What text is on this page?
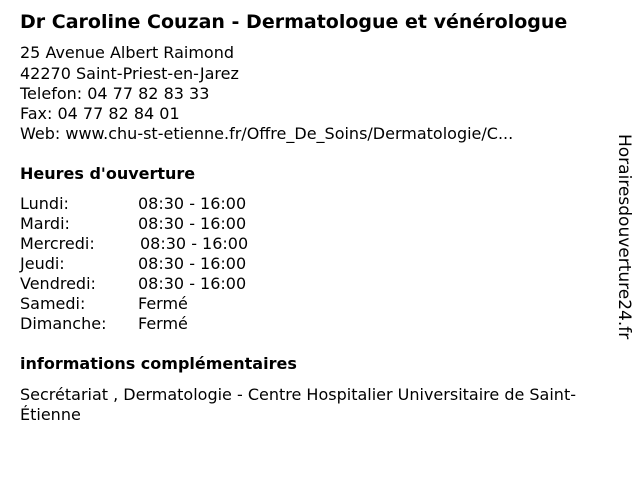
Dr Caroline Couzan - Dermatologue et vénérologue
25 Avenue Albert Raimond
42270 Saint-Priest-en-Jarez
Telefon: 04 77 82 83 33
Fax: 04 77 82 84 01
Web: www.chu-st-etienne.fr/Offre_De_Soins/Dermatologie/C...
Heures d'ouverture
Lundi:	08:30 - 16:00
Mardi:	08:30 - 16:00
Mercredi:	08:30 - 16:00
Jeudi:	08:30 - 16:00
Vendredi:	08:30 - 16:00
Samedi:	Fermé
Dimanche: Fermé
informations complémentaires
Secrétariat , Dermatologie - Centre Hospitalier Universitaire de Saint-Étienne
Horairesdouverture24.fr
